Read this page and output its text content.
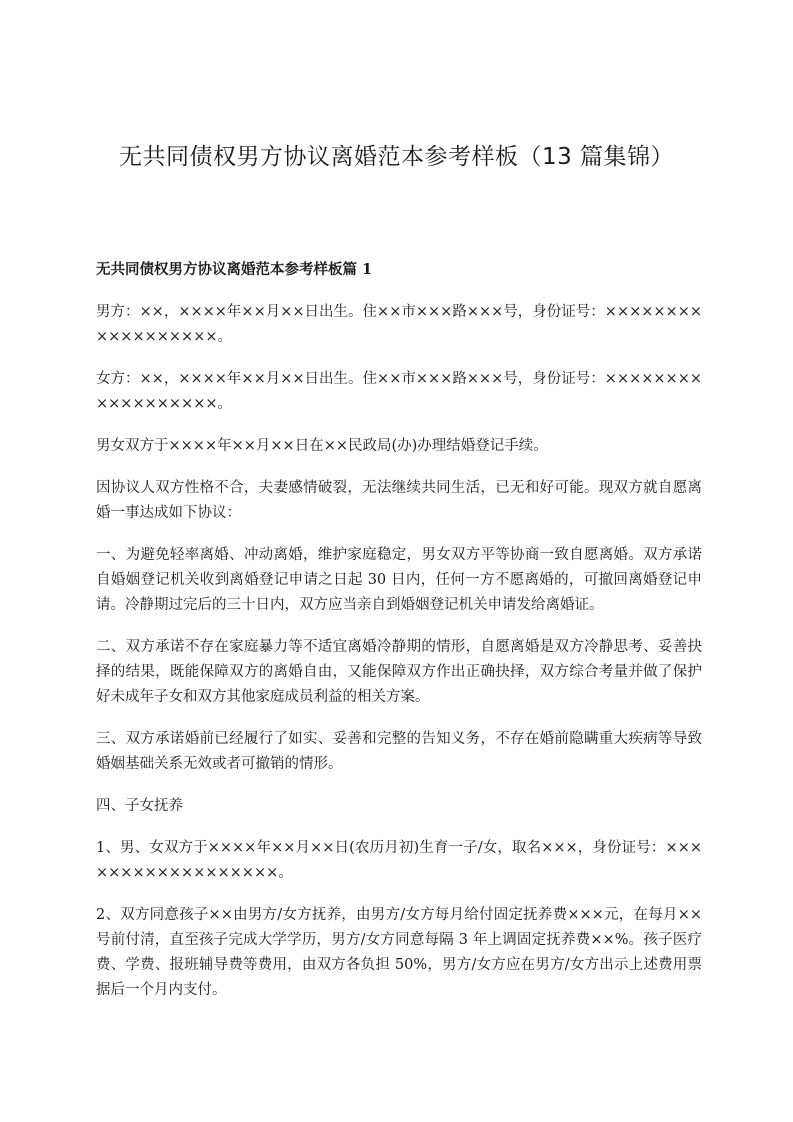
无共同债权男方协议离婚范本参考样板（13 篇集锦）

无共同债权男方协议离婚范本参考样板篇 1

男方：××，××××年××月××日出生。住××市×××路×××号，身份证号：××××××××××××××××××。

女方：××，××××年××月××日出生。住××市×××路×××号，身份证号：××××××××××××××××××。

男女双方于××××年××月××日在××民政局(办)办理结婚登记手续。

因协议人双方性格不合，夫妻感情破裂，无法继续共同生活，已无和好可能。现双方就自愿离婚一事达成如下协议：

一、为避免轻率离婚、冲动离婚，维护家庭稳定，男女双方平等协商一致自愿离婚。双方承诺自婚姻登记机关收到离婚登记申请之日起 30 日内，任何一方不愿离婚的，可撤回离婚登记申请。冷静期过完后的三十日内，双方应当亲自到婚姻登记机关申请发给离婚证。

二、双方承诺不存在家庭暴力等不适宜离婚冷静期的情形，自愿离婚是双方冷静思考、妥善抉择的结果，既能保障双方的离婚自由，又能保障双方作出正确抉择，双方综合考量并做了保护好未成年子女和双方其他家庭成员利益的相关方案。

三、双方承诺婚前已经履行了如实、妥善和完整的告知义务，不存在婚前隐瞒重大疾病等导致婚姻基础关系无效或者可撤销的情形。

四、子女抚养

1、男、女双方于××××年××月××日(农历月初)生育一子/女，取名×××，身份证号：××××××××××××××××××。

2、双方同意孩子××由男方/女方抚养，由男方/女方每月给付固定抚养费×××元，在每月××号前付清，直至孩子完成大学学历，男方/女方同意每隔 3 年上调固定抚养费××%。孩子医疗费、学费、报班辅导费等费用，由双方各负担 50%，男方/女方应在男方/女方出示上述费用票据后一个月内支付。
